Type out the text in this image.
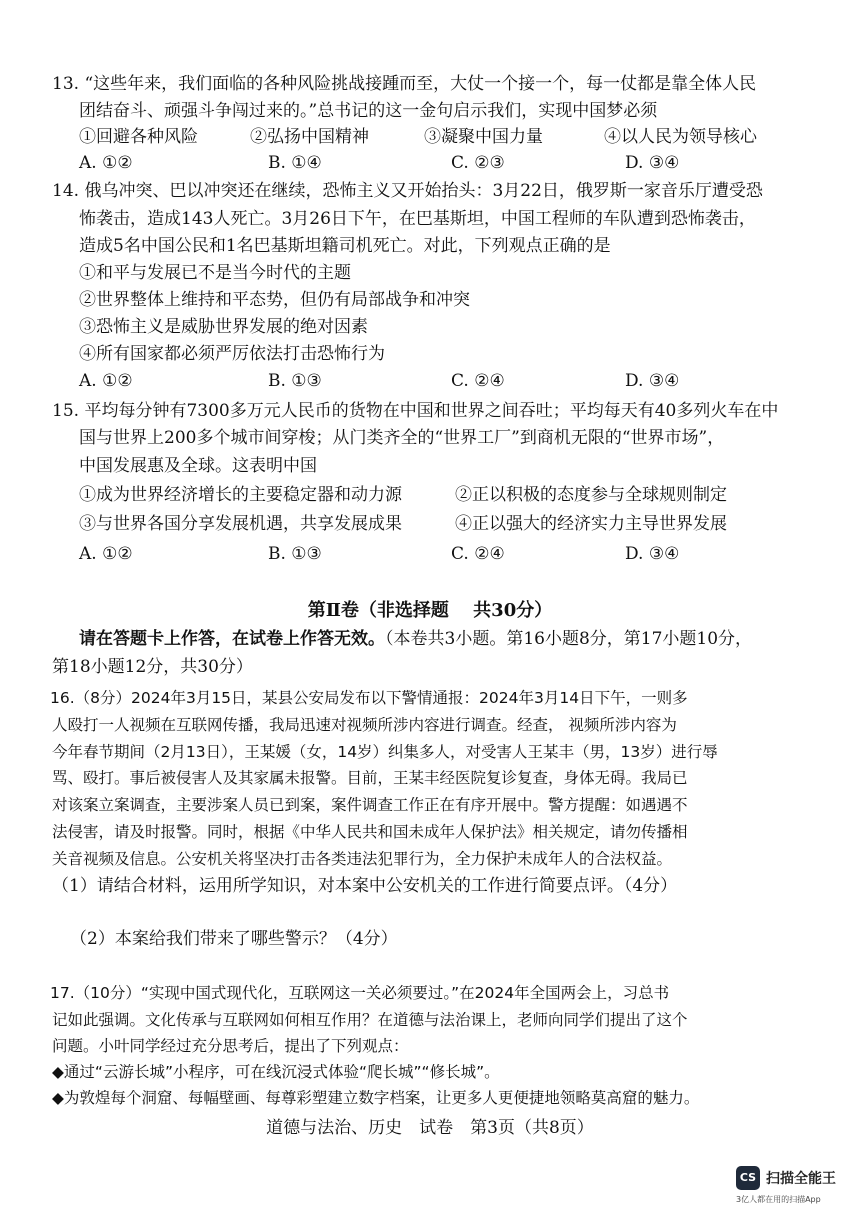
13. “这些年来，我们面临的各种风险挑战接踵而至，大仗一个接一个，每一仗都是靠全体人民
团结奋斗、顽强斗争闯过来的。”总书记的这一金句启示我们，实现中国梦必须
①回避各种风险	②弘扬中国精神	③凝聚中国力量	④以人民为领导核心
A. ①②	B. ①④	C. ②③	D. ③④
14. 俄乌冲突、巴以冲突还在继续，恐怖主义又开始抬头：3月22日，俄罗斯一家音乐厅遭受恐
怖袭击，造成143人死亡。3月26日下午，在巴基斯坦，中国工程师的车队遭到恐怖袭击，
造成5名中国公民和1名巴基斯坦籍司机死亡。对此，下列观点正确的是
①和平与发展已不是当今时代的主题
②世界整体上维持和平态势，但仍有局部战争和冲突
③恐怖主义是威胁世界发展的绝对因素
④所有国家都必须严厉依法打击恐怖行为
A. ①②	B. ①③	C. ②④	D. ③④
15. 平均每分钟有7300多万元人民币的货物在中国和世界之间吞吐；平均每天有40多列火车在中
国与世界上200多个城市间穿梭；从门类齐全的“世界工厂”到商机无限的“世界市场”，
中国发展惠及全球。这表明中国
①成为世界经济增长的主要稳定器和动力源	②正以积极的态度参与全球规则制定
③与世界各国分享发展机遇，共享发展成果	④正以强大的经济实力主导世界发展
A. ①②	B. ①③	C. ②④	D. ③④
第Ⅱ卷（非选择题　 共30分）
请在答题卡上作答，在试卷上作答无效。（本卷共3小题。第16小题8分，第17小题10分，
第18小题12分，共30分）
16.（8分）2024年3月15日，某县公安局发布以下警情通报：2024年3月14日下午，一则多
人殴打一人视频在互联网传播，我局迅速对视频所涉内容进行调查。经查， 视频所涉内容为
今年春节期间（2月13日），王某媛（女，14岁）纠集多人，对受害人王某丰（男，13岁）进行辱
骂、殴打。事后被侵害人及其家属未报警。目前，王某丰经医院复诊复查，身体无碍。我局已
对该案立案调查，主要涉案人员已到案，案件调查工作正在有序开展中。警方提醒：如遇遇不
法侵害，请及时报警。同时，根据《中华人民共和国未成年人保护法》相关规定，请勿传播相
关音视频及信息。公安机关将坚决打击各类违法犯罪行为，全力保护未成年人的合法权益。
（1）请结合材料，运用所学知识，对本案中公安机关的工作进行简要点评。（4分）
（2）本案给我们带来了哪些警示？（4分）
17.（10分）“实现中国式现代化，互联网这一关必须要过。”在2024年全国两会上，习总书
记如此强调。文化传承与互联网如何相互作用？在道德与法治课上，老师向同学们提出了这个
问题。小叶同学经过充分思考后，提出了下列观点：
◆通过“云游长城”小程序，可在线沉浸式体验“爬长城”“修长城”。
◆为敦煌每个洞窟、每幅壁画、每尊彩塑建立数字档案，让更多人更便捷地领略莫高窟的魅力。
道德与法治、历史　试卷　第3页（共8页）
CS 扫描全能王
3亿人都在用的扫描App
